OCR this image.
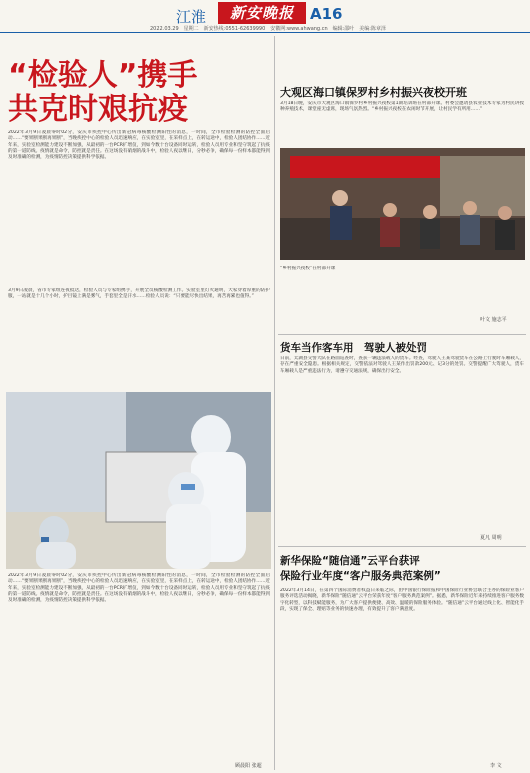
江淮	新安晚报	A16
2022.03.29　星期二　新安热线:0551-62639990　安徽网:www.ahwang.cn　编辑:邵叶　美编:陈章泽
“检验人”携手
共克时艰抗疫
2022年3月9日凌晨零时02分，安庆市疾控中心传出新冠病毒核酸检测阳性的消息，一时间，全市检验检测的防控全面启动……“要果断果断再果断”，当晚疾控中心的检验人员迅速响应，在实验室里，在采样点上，在转运途中，检验人团结协作……近年来，实验室检测能力建设不断加强，从最初的一台PCR扩增仪，到如今数十台设备同时运转，检验人员用专业和坚守筑起了抗疫的第一道防线。疫情就是命令，防控就是责任。在这场没有硝烟的战斗中，检验人夜以继日，分秒必争，确保每一份样本都能得到及时准确的检测，为疫情防控决策提供科学依据。
3月9日凌晨，省市专家组连夜抵达，检验人员与专家组携手，开展全员核酸检测工作。实验室里灯火通明，大家穿着厚重的防护服，一站就是十几个小时，护目镜上满是雾气，手套里全是汗水……检验人员说：“只要能尽快出结果，再苦再累也值得。”
2022年3月9日凌晨零时02分，安庆市疾控中心传出新冠病毒核酸检测阳性的消息，一时间，全市检验检测的防控全面启动……“要果断果断再果断”，当晚疾控中心的检验人员迅速响应，在实验室里，在采样点上，在转运途中，检验人团结协作……近年来，实验室检测能力建设不断加强，从最初的一台PCR扩增仪，到如今数十台设备同时运转，检验人员用专业和坚守筑起了抗疫的第一道防线。疫情就是命令，防控就是责任。在这场没有硝烟的战斗中，检验人夜以继日，分秒必争，确保每一份样本都能得到及时准确的检测，为疫情防控决策提供科学依据。
顾晨阳 张超
大观区海口镇保罗村乡村振兴夜校开班
3月18日晚，安庆市大观区海口镇保罗村乡村振兴夜校第1期培训班在村部开课。村委会邀请县农业技术专家为村民讲授种养殖技术，课堂座无虚席，现场气氛热烈。“乡村振兴夜校在农闲时节开展，让村民学有所用……”
“乡村振兴夜校”在村部开课
叶文 施志平
货车当作客车用　驾驶人被处罚
日前，太湖县交警大队在路面巡查时，查获一辆违法载人的货车。经查，驾驶人王某驾驶货车在公路上行驶时车厢载人，存在严重安全隐患。根据相关规定，交警依法对驾驶人王某作出罚款200元、记3分的处罚。交警提醒广大驾驶人，货车车厢载人是严重违法行为，请遵守交通法规，确保出行安全。
夏凡 周明
新华保险“随信通”云平台获评
保险行业年度“客户服务典范案例”
2022年3月14日，在第四个国际消费者权益日来临之际，由中国银行保险报和中国保险行业协会联合主办的保险业客户服务评选活动揭晓，新华保险“随信通”云平台荣获年度“客户服务典范案例”。据悉，新华保险近年来持续推进客户服务数字化转型，以科技赋能服务，为广大客户提供便捷、高效、温暖的保险服务体验。“随信通”云平台通过线上化、智能化手段，实现了保全、理赔等业务的快速办理，有效提升了客户满意度。
李 文
